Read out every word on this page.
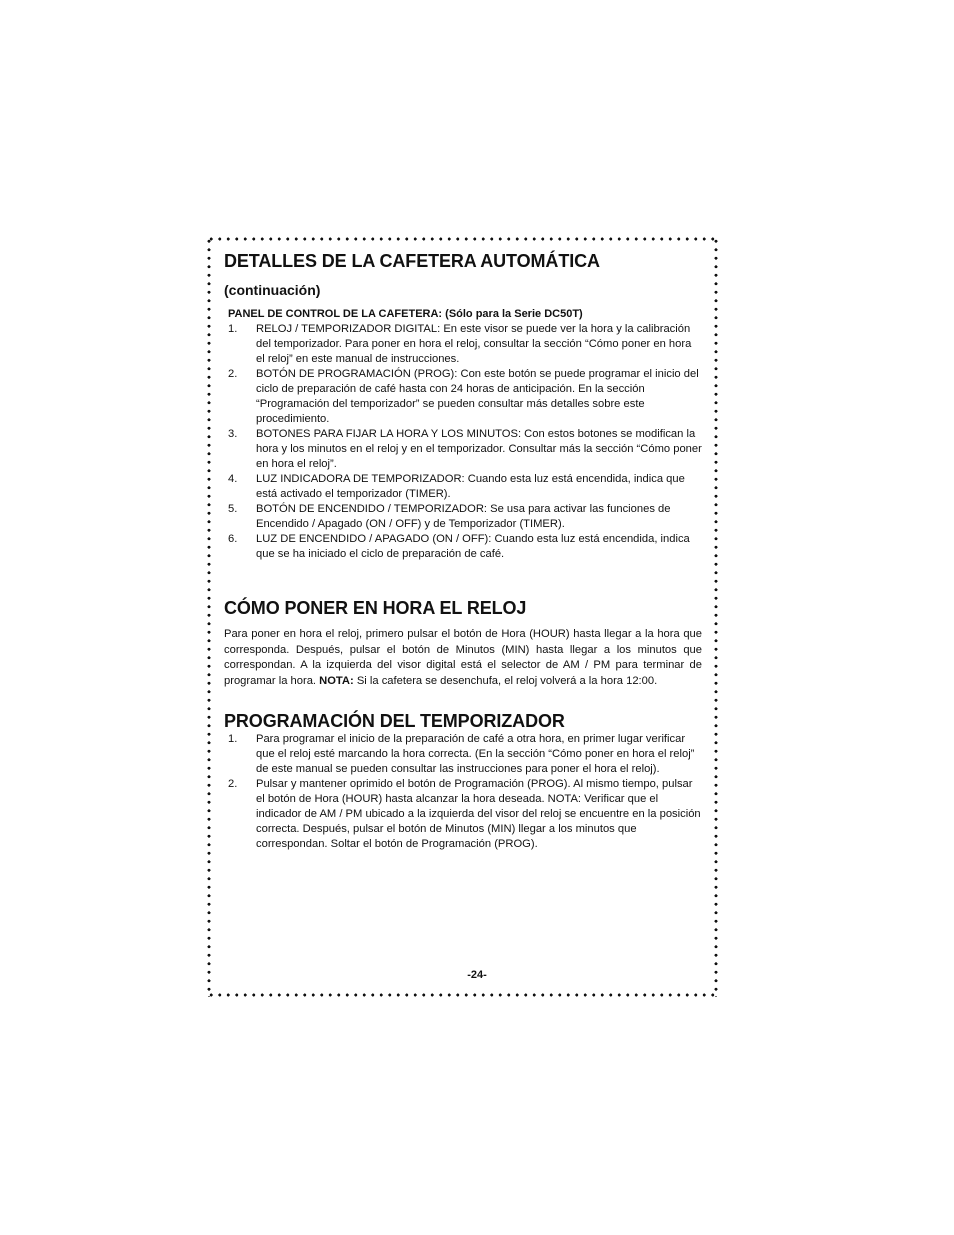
DETALLES DE LA CAFETERA AUTOMÁTICA
(continuación)
PANEL DE CONTROL DE LA CAFETERA: (Sólo para la Serie DC50T)
1. RELOJ / TEMPORIZADOR DIGITAL: En este visor se puede ver la hora y la calibración del temporizador. Para poner en hora el reloj, consultar la sección “Cómo poner en hora el reloj” en este manual de instrucciones.
2. BOTÓN DE PROGRAMACIÓN (PROG): Con este botón se puede programar el inicio del ciclo de preparación de café hasta con 24 horas de anticipación. En la sección “Programación del temporizador” se pueden consultar más detalles sobre este procedimiento.
3. BOTONES PARA FIJAR LA HORA Y LOS MINUTOS: Con estos botones se modifican la hora y los minutos en el reloj y en el temporizador. Consultar más la sección “Cómo poner en hora el reloj”.
4. LUZ INDICADORA DE TEMPORIZADOR: Cuando esta luz está encendida, indica que está activado el temporizador (TIMER).
5. BOTÓN DE ENCENDIDO / TEMPORIZADOR: Se usa para activar las funciones de Encendido / Apagado (ON / OFF) y de Temporizador (TIMER).
6. LUZ DE ENCENDIDO / APAGADO (ON / OFF): Cuando esta luz está encendida, indica que se ha iniciado el ciclo de preparación de café.
CÓMO PONER EN HORA EL RELOJ

Para poner en hora el reloj, primero pulsar el botón de Hora (HOUR) hasta llegar a la hora que corresponda. Después, pulsar el botón de Minutos (MIN) hasta llegar a los minutos que correspondan. A la izquierda del visor digital está el selector de AM / PM para terminar de programar la hora. NOTA: Si la cafetera se desenchufa, el reloj volverá a la hora 12:00.

PROGRAMACIÓN DEL TEMPORIZADOR
1. Para programar el inicio de la preparación de café a otra hora, en primer lugar verificar que el reloj esté marcando la hora correcta. (En la sección “Cómo poner en hora el reloj” de este manual se pueden consultar las instrucciones para poner el hora el reloj).
2. Pulsar y mantener oprimido el botón de Programación (PROG). Al mismo tiempo, pulsar el botón de Hora (HOUR) hasta alcanzar la hora deseada. NOTA: Verificar que el indicador de AM / PM ubicado a la izquierda del visor del reloj se encuentre en la posición correcta. Después, pulsar el botón de Minutos (MIN) llegar a los minutos que correspondan. Soltar el botón de Programación (PROG).
-24-
